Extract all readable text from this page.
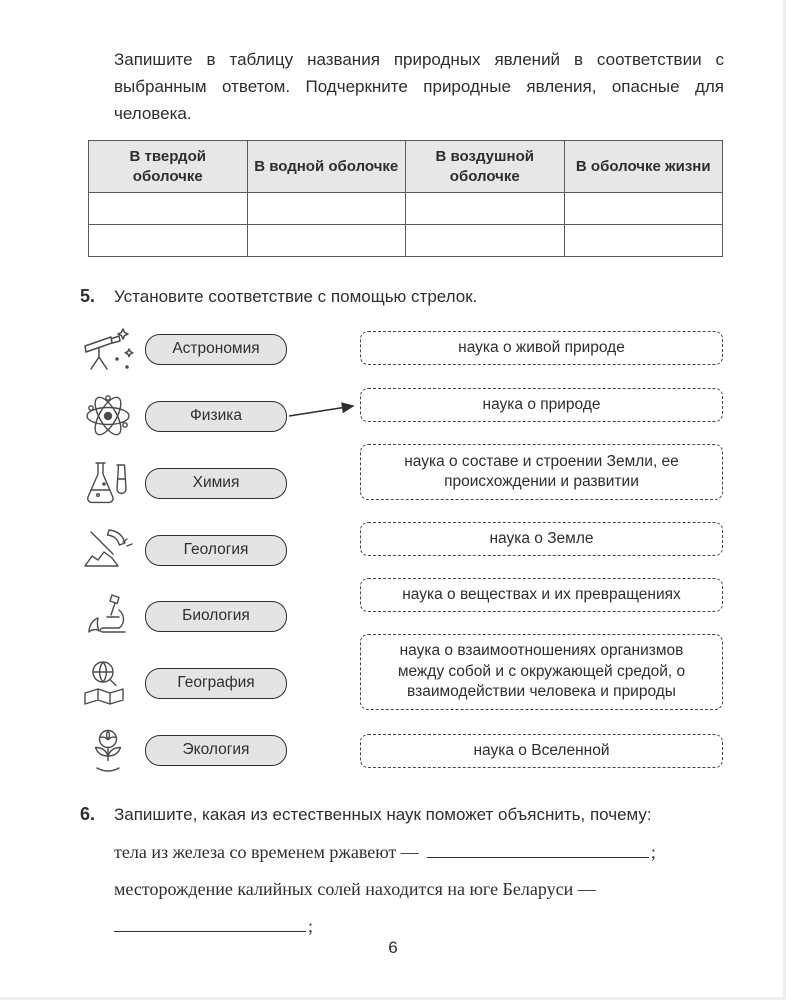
Запишите в таблицу названия природных явлений в соответствии с выбранным ответом. Подчеркните природные явления, опасные для человека.

В твердой оболочке	В водной оболочке	В воздушной оболочке	В оболочке жизни

5.	Установите соответствие с помощью стрелок.
Астрономия
Физика
Химия
Геология
Биология
География
Экология
наука о живой природе
наука о природе
наука о составе и строении Земли, ее происхождении и развитии
наука о Земле
наука о веществах и их превращениях
наука о взаимоотношениях организмов между собой и с окружающей средой, о взаимодействии человека и природы
наука о Вселенной
6.	Запишите, какая из естественных наук поможет объяснить, почему:

тела из железа со временем ржавеют —	;

месторождение калийных солей находится на юге Беларуси —

;

6
